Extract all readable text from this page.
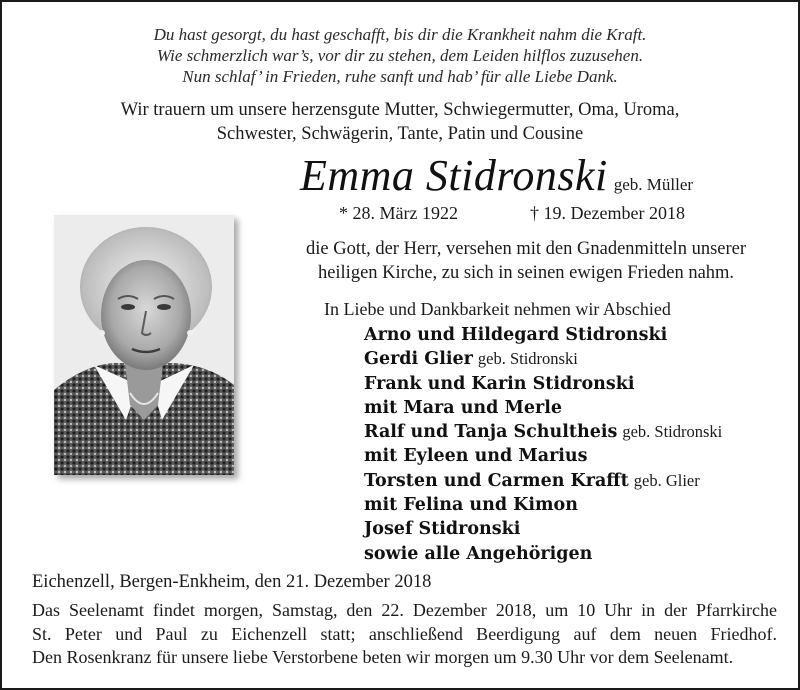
Du hast gesorgt, du hast geschafft, bis dir die Krankheit nahm die Kraft.
Wie schmerzlich war’s, vor dir zu stehen, dem Leiden hilflos zuzusehen.
Nun schlaf’ in Frieden, ruhe sanft und hab’ für alle Liebe Dank.
Wir trauern um unsere herzensgute Mutter, Schwiegermutter, Oma, Uroma,
Schwester, Schwägerin, Tante, Patin und Cousine
Emma Stidronski geb. Müller
* 28. März 1922	† 19. Dezember 2018
die Gott, der Herr, versehen mit den Gnadenmitteln unserer
heiligen Kirche, zu sich in seinen ewigen Frieden nahm.
In Liebe und Dankbarkeit nehmen wir Abschied
Arno und Hildegard Stidronski
Gerdi Glier geb. Stidronski
Frank und Karin Stidronski
mit Mara und Merle
Ralf und Tanja Schultheis geb. Stidronski
mit Eyleen und Marius
Torsten und Carmen Krafft geb. Glier
mit Felina und Kimon
Josef Stidronski
sowie alle Angehörigen
Eichenzell, Bergen-Enkheim, den 21. Dezember 2018
Das Seelenamt findet morgen, Samstag, den 22. Dezember 2018, um 10 Uhr in der Pfarrkirche
St. Peter und Paul zu Eichenzell statt; anschließend Beerdigung auf dem neuen Friedhof.
Den Rosenkranz für unsere liebe Verstorbene beten wir morgen um 9.30 Uhr vor dem Seelenamt.
